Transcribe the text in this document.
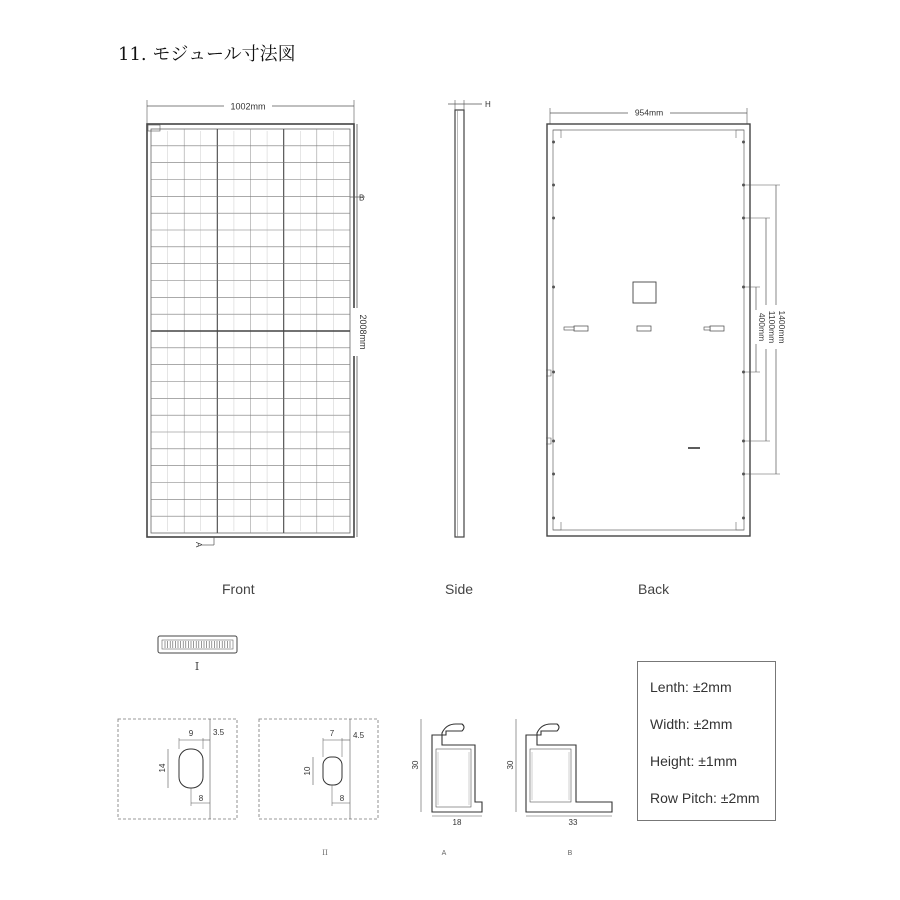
11. モジュール寸法図
1002mm
2008mm
B
A
H
954mm
1400mm
1100mm
400mm
I
9 3.5
14
8
7 4.5
10
8
II
30
18
A
30
33
B
Front	Side	Back
Lenth: ±2mm
Width: ±2mm
Height: ±1mm
Row Pitch: ±2mm
